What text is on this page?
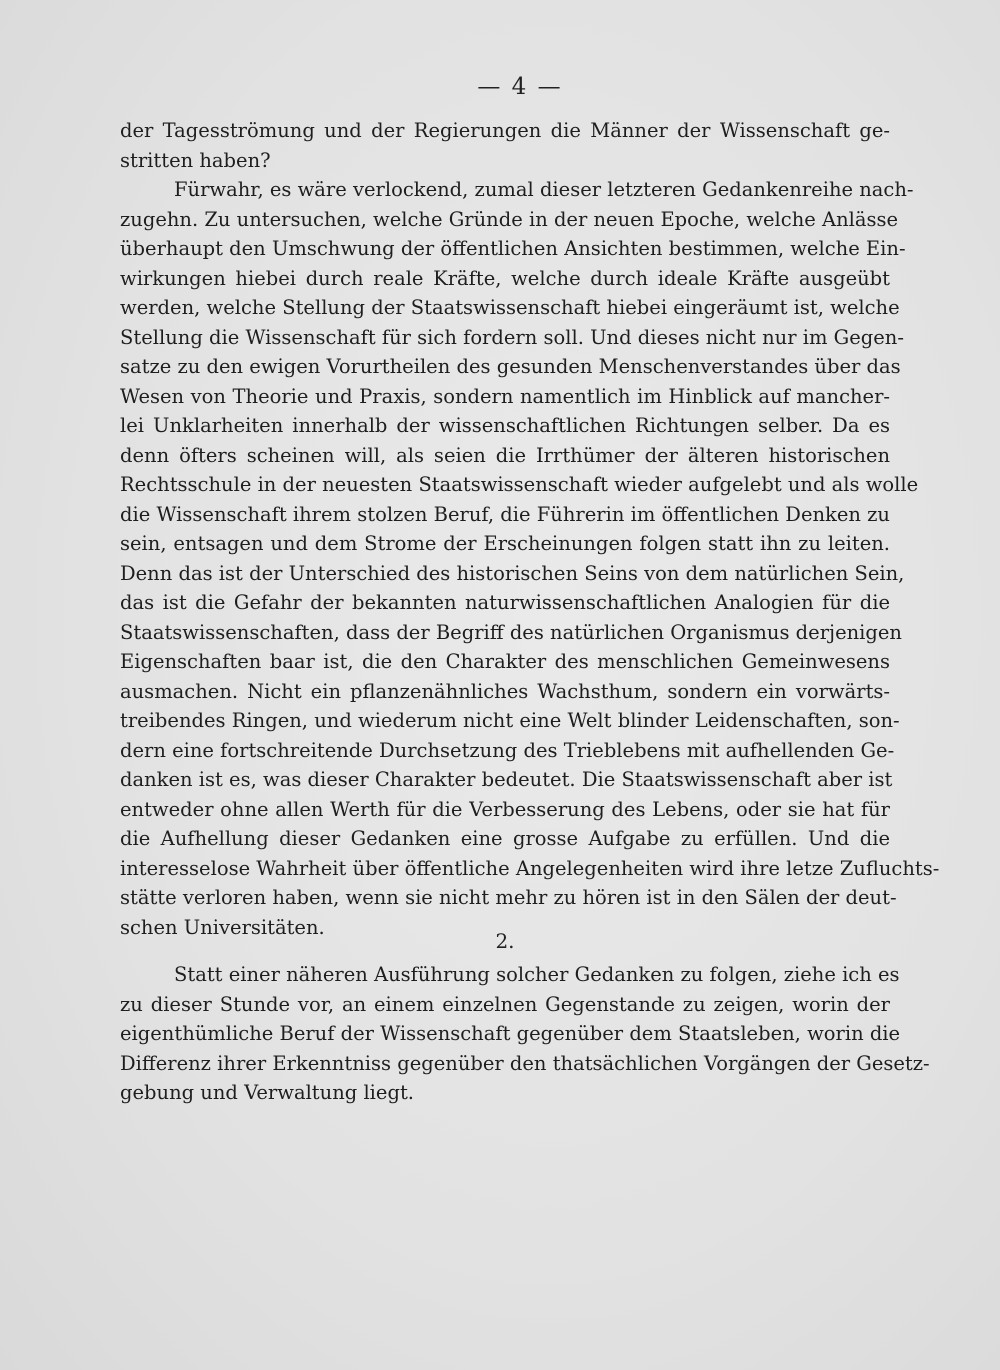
— 4 —
der Tagesströmung und der Regierungen die Männer der Wissenschaft ge-
stritten haben?
Fürwahr, es wäre verlockend, zumal dieser letzteren Gedankenreihe nach-
zugehn. Zu untersuchen, welche Gründe in der neuen Epoche, welche Anlässe
überhaupt den Umschwung der öffentlichen Ansichten bestimmen, welche Ein-
wirkungen hiebei durch reale Kräfte, welche durch ideale Kräfte ausgeübt
werden, welche Stellung der Staatswissenschaft hiebei eingeräumt ist, welche
Stellung die Wissenschaft für sich fordern soll. Und dieses nicht nur im Gegen-
satze zu den ewigen Vorurtheilen des gesunden Menschenverstandes über das
Wesen von Theorie und Praxis, sondern namentlich im Hinblick auf mancher-
lei Unklarheiten innerhalb der wissenschaftlichen Richtungen selber. Da es
denn öfters scheinen will, als seien die Irrthümer der älteren historischen
Rechtsschule in der neuesten Staatswissenschaft wieder aufgelebt und als wolle
die Wissenschaft ihrem stolzen Beruf, die Führerin im öffentlichen Denken zu
sein, entsagen und dem Strome der Erscheinungen folgen statt ihn zu leiten.
Denn das ist der Unterschied des historischen Seins von dem natürlichen Sein,
das ist die Gefahr der bekannten naturwissenschaftlichen Analogien für die
Staatswissenschaften, dass der Begriff des natürlichen Organismus derjenigen
Eigenschaften baar ist, die den Charakter des menschlichen Gemeinwesens
ausmachen. Nicht ein pflanzenähnliches Wachsthum, sondern ein vorwärts-
treibendes Ringen, und wiederum nicht eine Welt blinder Leidenschaften, son-
dern eine fortschreitende Durchsetzung des Trieblebens mit aufhellenden Ge-
danken ist es, was dieser Charakter bedeutet. Die Staatswissenschaft aber ist
entweder ohne allen Werth für die Verbesserung des Lebens, oder sie hat für
die Aufhellung dieser Gedanken eine grosse Aufgabe zu erfüllen. Und die
interesselose Wahrheit über öffentliche Angelegenheiten wird ihre letze Zufluchts-
stätte verloren haben, wenn sie nicht mehr zu hören ist in den Sälen der deut-
schen Universitäten.
2.
Statt einer näheren Ausführung solcher Gedanken zu folgen, ziehe ich es
zu dieser Stunde vor, an einem einzelnen Gegenstande zu zeigen, worin der
eigenthümliche Beruf der Wissenschaft gegenüber dem Staatsleben, worin die
Differenz ihrer Erkenntniss gegenüber den thatsächlichen Vorgängen der Gesetz-
gebung und Verwaltung liegt.
